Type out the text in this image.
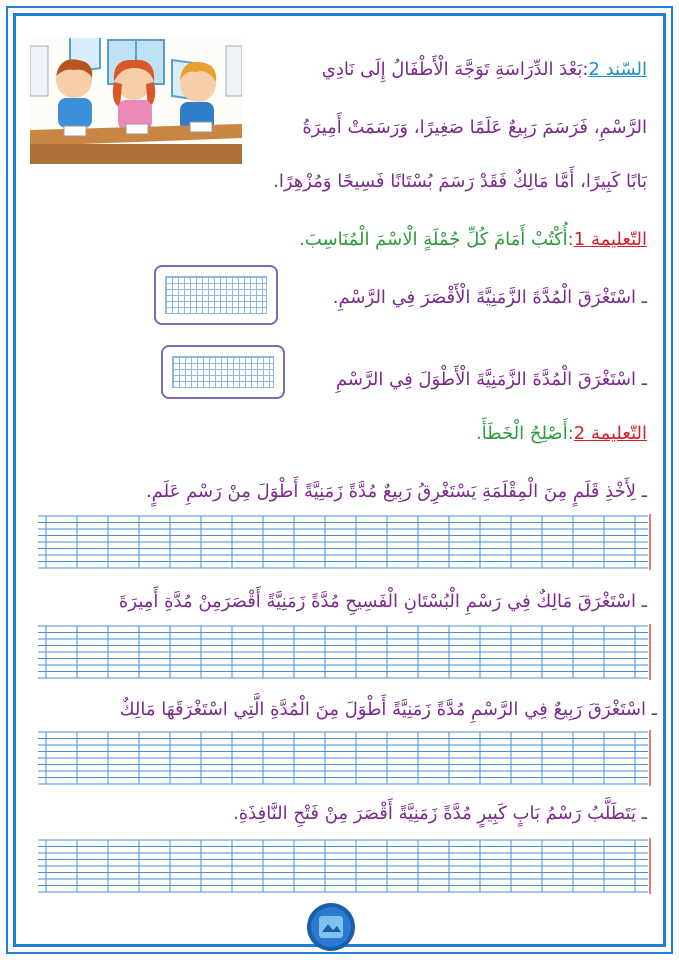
السّند 2:بَعْدَ الدِّرَاسَةِ تَوَجَّهَ الْأَطْفَالُ إِلَى نَادِي
الرَّسْمِ، فَرَسَمَ رَبِيعٌ عَلَمًا صَغِيرًا، وَرَسَمَتْ أَمِيرَةُ
بَابًا كَبِيرًا، أَمَّا مَالِكٌ فَقَدْ رَسَمَ بُسْتَانًا فَسِيحًا وَمُزْهِرًا.
التّعليمة 1:أُكْتُبْ أَمَامَ كُلِّ جُمْلَةٍ الْاسْمَ الْمُنَاسِبَ.
ـ اسْتَغْرَقَ الْمُدَّةَ الزَّمَنِيَّةَ الْأَقْصَرَ فِي الرَّسْمِ.
ـ اسْتَغْرَقَ الْمُدَّةَ الزَّمَنِيَّةَ الْأَطْوَلَ فِي الرَّسْمِ
التّعليمة 2:أَصْلِحُ الْخَطَأَ.
ـ لِأَخْذِ قَلَمٍ مِنَ الْمِقْلَمَةِ يَسْتَغْرِقُ رَبِيعٌ مُدَّةً زَمَنِيَّةً أَطْوَلَ مِنْ رَسْمِ عَلَمٍ.
ـ اسْتَغْرَقَ مَالِكٌ فِي رَسْمِ الْبُسْتَانِ الْفَسِيحِ مُدَّةً زَمَنِيَّةً أَقْصَرَمِنْ مُدَّةِ أَمِيرَةَ
ـ اسْتَغْرَقَ رَبِيعٌ فِي الرَّسْمِ مُدَّةً زَمَنِيَّةً أَطْوَلَ مِنَ الْمُدَّةِ الَّتِي اسْتَغْرَقَهَا مَالِكٌ
ـ يَتَطَلَّبُ رَسْمُ بَابٍ كَبِيرٍ مُدَّةً زَمَنِيَّةً أَقْصَرَ مِنْ فَتْحِ النَّافِذَةِ.
